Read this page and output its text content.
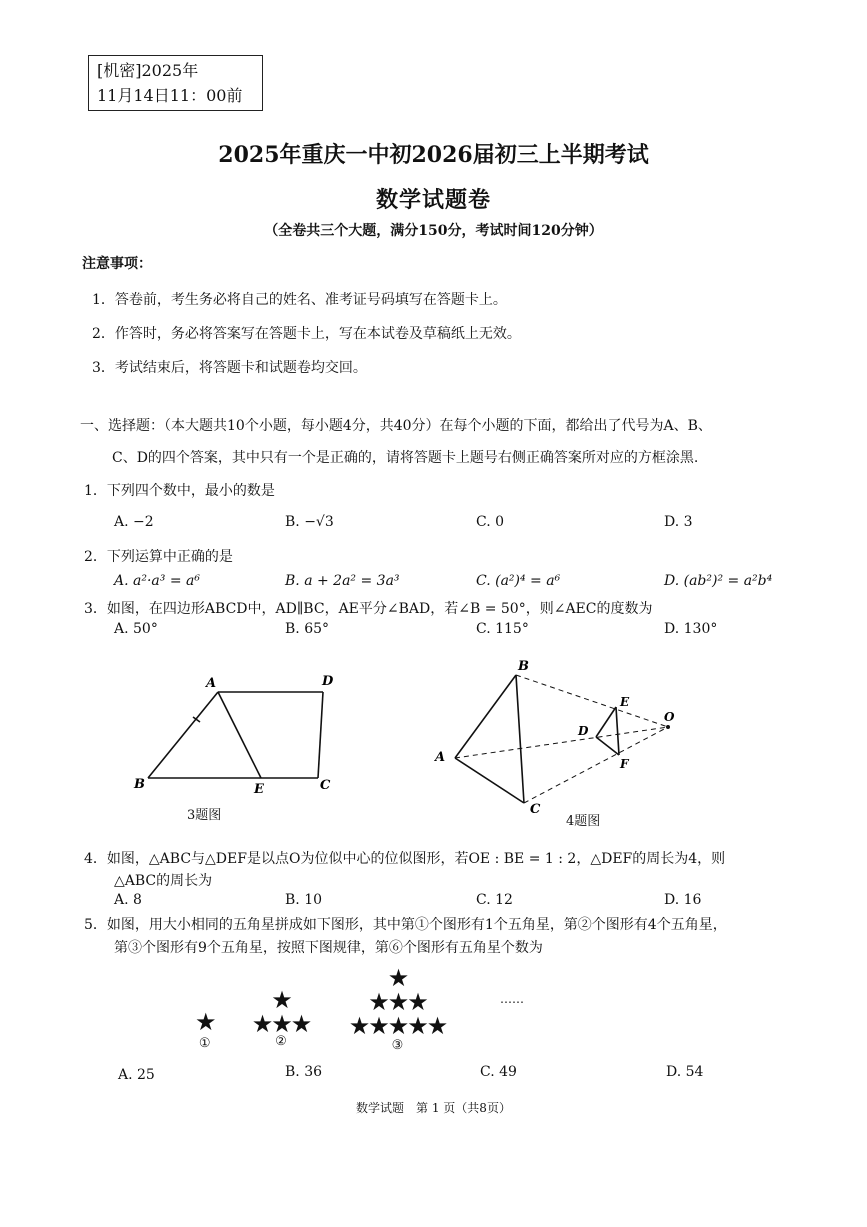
[机密]2025年
11月14日11：00前
2025年重庆一中初2026届初三上半期考试
数学试题卷
（全卷共三个大题，满分150分，考试时间120分钟）
注意事项：
1．答卷前，考生务必将自己的姓名、准考证号码填写在答题卡上。
2．作答时，务必将答案写在答题卡上，写在本试卷及草稿纸上无效。
3．考试结束后，将答题卡和试题卷均交回。
一、选择题：（本大题共10个小题，每小题4分，共40分）在每个小题的下面，都给出了代号为A、B、
C、D的四个答案，其中只有一个是正确的，请将答题卡上题号右侧正确答案所对应的方框涂黑.
1．下列四个数中，最小的数是
A. −2	B. −√3	C. 0	D. 3
2．下列运算中正确的是
A. a²·a³ = a⁶	B. a + 2a² = 3a³	C. (a²)⁴ = a⁶	D. (ab²)² = a²b⁴
3．如图，在四边形ABCD中，AD∥BC，AE平分∠BAD，若∠B = 50°，则∠AEC的度数为
A. 50°	B. 65°	C. 115°	D. 130°
A	D
B	E	C
3题图
B
A
C
D
E
F
O
4题图
4．如图，△ABC与△DEF是以点O为位似中心的位似图形，若OE : BE = 1 : 2，△DEF的周长为4，则
△ABC的周长为
A. 8	B. 10	C. 12	D. 16
5．如图，用大小相同的五角星拼成如下图形，其中第①个图形有1个五角星，第②个图形有4个五角星，
第③个图形有9个五角星，按照下图规律，第⑥个图形有五角星个数为
★
①
★
★★★
②
★
★★★
★★★★★
③
……
A. 25	B. 36	C. 49	D. 54
数学试题　第 1 页（共8页）
